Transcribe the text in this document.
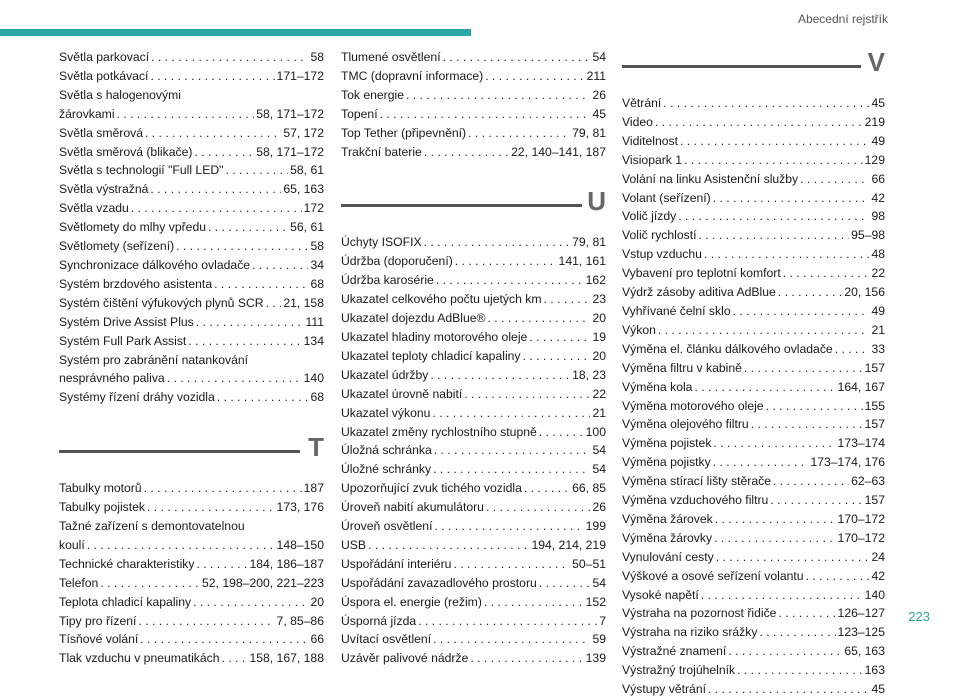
Abecední rejstřík
Světla parkovací . . .	58
Světla potkávací . . .	171–172
Světla s halogenovými
žárovkami . . .	58, 171–172
Světla směrová . . .	57, 172
Světla směrová (blikače) . . .	58, 171–172
Světla s technologií "Full LED" . . .	58, 61
Světla výstražná . . .	65, 163
Světla vzadu . . .	172
Světlomety do mlhy vpředu . . .	56, 61
Světlomety (seřízení) . . .	58
Synchronizace dálkového ovladače . . .	34
Systém brzdového asistenta . . .	68
Systém čištění výfukových plynů SCR . . . 21, 158
Systém Drive Assist Plus . . .	111
Systém Full Park Assist . . .	134
Systém pro zabránění natankování
nesprávného paliva . . .	140
Systémy řízení dráhy vozidla . . .	68
T
Tabulky motorů . . .	187
Tabulky pojistek . . .	173, 176
Tažné zařízení s demontovatelnou
koulí . . .	148–150
Technické charakteristiky . . .	184, 186–187
Telefon . . .	52, 198–200, 221–223
Teplota chladicí kapaliny . . .	20
Tipy pro řízení . . .	7, 85–86
Tísňové volání . . .	66
Tlak vzduchu v pneumatikách . . . 158, 167, 188
Tlumené osvětlení . . .	54
TMC (dopravní informace) . . .	211
Tok energie . . .	26
Topení . . .	45
Top Tether (připevnění) . . .	79, 81
Trakční baterie . . .	22, 140–141, 187
U
Úchyty ISOFIX . . .	79, 81
Údržba (doporučení) . . .	141, 161
Údržba karosérie . . .	162
Ukazatel celkového počtu ujetých km . . .	23
Ukazatel dojezdu AdBlue® . . .	20
Ukazatel hladiny motorového oleje . . .	19
Ukazatel teploty chladicí kapaliny . . .	20
Ukazatel údržby . . .	18, 23
Ukazatel úrovně nabití . . .	22
Ukazatel výkonu . . .	21
Ukazatel změny rychlostního stupně . . .	100
Úložná schránka . . .	54
Úložné schránky . . .	54
Upozorňující zvuk tichého vozidla . . .	66, 85
Úroveň nabití akumulátoru . . .	26
Úroveň osvětlení . . .	199
USB . . .	194, 214, 219
Uspořádání interiéru . . .	50–51
Uspořádání zavazadlového prostoru . . .	54
Úspora el. energie (režim) . . .	152
Úsporná jízda . . .	7
Uvítací osvětlení . . .	59
Uzávěr palivové nádrže . . .	139
V
Větrání . . .	45
Video . . .	219
Viditelnost . . .	49
Visiopark 1 . . .	129
Volání na linku Asistenční služby . . .	66
Volant (seřízení) . . .	42
Volič jízdy . . .	98
Volič rychlostí . . .	95–98
Vstup vzduchu . . .	48
Vybavení pro teplotní komfort . . .	22
Výdrž zásoby aditiva AdBlue . . .	20, 156
Vyhřívané čelní sklo . . .	49
Výkon . . .	21
Výměna el. článku dálkového ovladače . . .	33
Výměna filtru v kabině . . .	157
Výměna kola . . .	164, 167
Výměna motorového oleje . . .	155
Výměna olejového filtru . . .	157
Výměna pojistek . . .	173–174
Výměna pojistky . . .	173–174, 176
Výměna stírací lišty stěrače . . .	62–63
Výměna vzduchového filtru . . .	157
Výměna žárovek . . .	170–172
Výměna žárovky . . .	170–172
Vynulování cesty . . .	24
Výškové a osové seřízení volantu . . .	42
Vysoké napětí . . .	140
Výstraha na pozornost řidiče . . .	126–127
Výstraha na riziko srážky . . .	123–125
Výstražné znamení . . .	65, 163
Výstražný trojúhelník . . .	163
Výstupy větrání . . .	45
223
